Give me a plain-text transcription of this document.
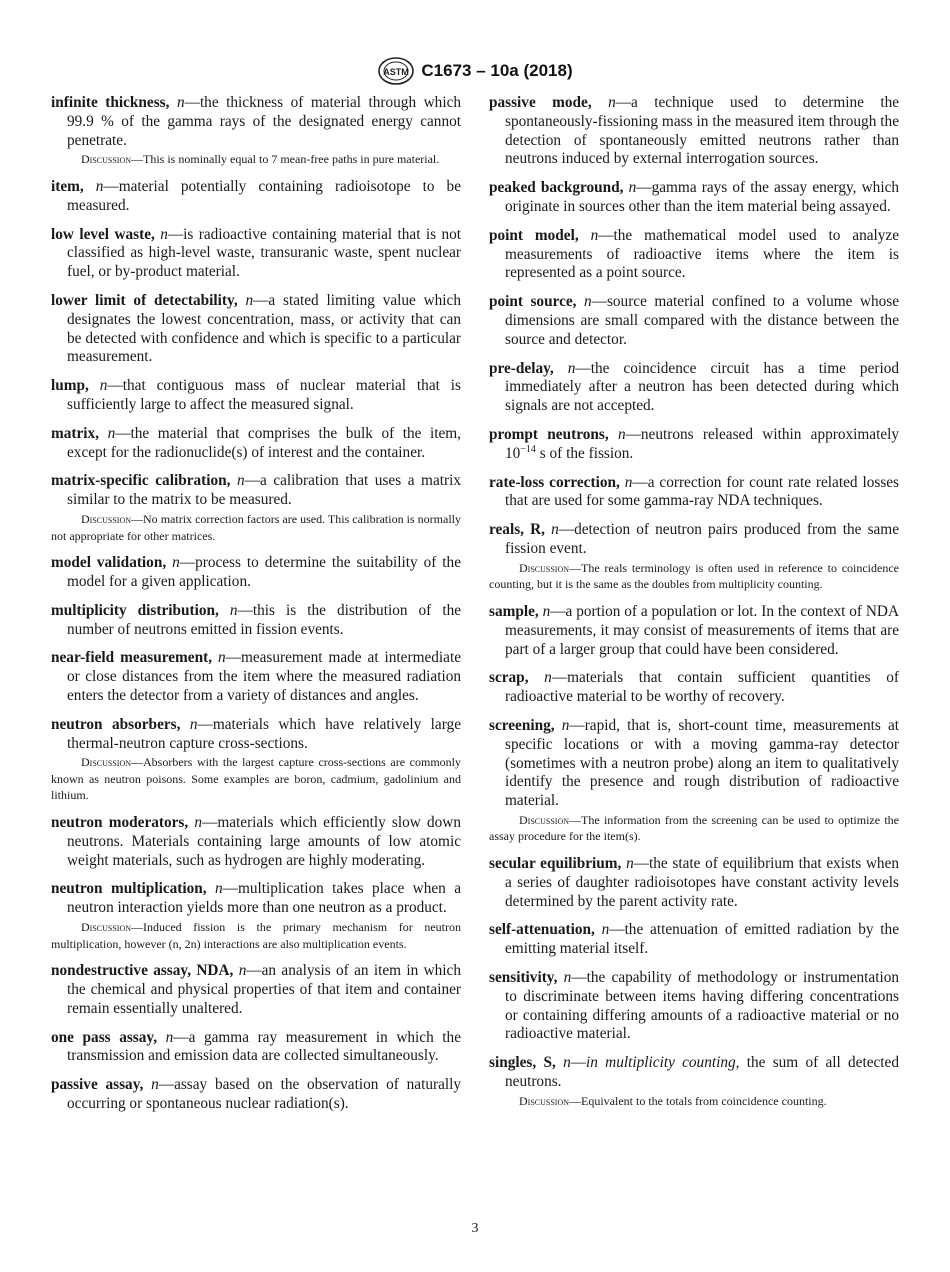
ASTM C1673 – 10a (2018)
infinite thickness, n—the thickness of material through which 99.9 % of the gamma rays of the designated energy cannot penetrate.
Discussion—This is nominally equal to 7 mean-free paths in pure material.
item, n—material potentially containing radioisotope to be measured.
low level waste, n—is radioactive containing material that is not classified as high-level waste, transuranic waste, spent nuclear fuel, or by-product material.
lower limit of detectability, n—a stated limiting value which designates the lowest concentration, mass, or activity that can be detected with confidence and which is specific to a particular measurement.
lump, n—that contiguous mass of nuclear material that is sufficiently large to affect the measured signal.
matrix, n—the material that comprises the bulk of the item, except for the radionuclide(s) of interest and the container.
matrix-specific calibration, n—a calibration that uses a matrix similar to the matrix to be measured.
Discussion—No matrix correction factors are used. This calibration is normally not appropriate for other matrices.
model validation, n—process to determine the suitability of the model for a given application.
multiplicity distribution, n—this is the distribution of the number of neutrons emitted in fission events.
near-field measurement, n—measurement made at intermediate or close distances from the item where the measured radiation enters the detector from a variety of distances and angles.
neutron absorbers, n—materials which have relatively large thermal-neutron capture cross-sections.
Discussion—Absorbers with the largest capture cross-sections are commonly known as neutron poisons. Some examples are boron, cadmium, gadolinium and lithium.
neutron moderators, n—materials which efficiently slow down neutrons. Materials containing large amounts of low atomic weight materials, such as hydrogen are highly moderating.
neutron multiplication, n—multiplication takes place when a neutron interaction yields more than one neutron as a product.
Discussion—Induced fission is the primary mechanism for neutron multiplication, however (n, 2n) interactions are also multiplication events.
nondestructive assay, NDA, n—an analysis of an item in which the chemical and physical properties of that item and container remain essentially unaltered.
one pass assay, n—a gamma ray measurement in which the transmission and emission data are collected simultaneously.
passive assay, n—assay based on the observation of naturally occurring or spontaneous nuclear radiation(s).
passive mode, n—a technique used to determine the spontaneously-fissioning mass in the measured item through the detection of spontaneously emitted neutrons rather than neutrons induced by external interrogation sources.
peaked background, n—gamma rays of the assay energy, which originate in sources other than the item material being assayed.
point model, n—the mathematical model used to analyze measurements of radioactive items where the item is represented as a point source.
point source, n—source material confined to a volume whose dimensions are small compared with the distance between the source and detector.
pre-delay, n—the coincidence circuit has a time period immediately after a neutron has been detected during which signals are not accepted.
prompt neutrons, n—neutrons released within approximately $10^{-14}$ s of the fission.
rate-loss correction, n—a correction for count rate related losses that are used for some gamma-ray NDA techniques.
reals, R, n—detection of neutron pairs produced from the same fission event.
Discussion—The reals terminology is often used in reference to coincidence counting, but it is the same as the doubles from multiplicity counting.
sample, n—a portion of a population or lot. In the context of NDA measurements, it may consist of measurements of items that are part of a larger group that could have been considered.
scrap, n—materials that contain sufficient quantities of radioactive material to be worthy of recovery.
screening, n—rapid, that is, short-count time, measurements at specific locations or with a moving gamma-ray detector (sometimes with a neutron probe) along an item to qualitatively identify the presence and rough distribution of radioactive material.
Discussion—The information from the screening can be used to optimize the assay procedure for the item(s).
secular equilibrium, n—the state of equilibrium that exists when a series of daughter radioisotopes have constant activity levels determined by the parent activity rate.
self-attenuation, n—the attenuation of emitted radiation by the emitting material itself.
sensitivity, n—the capability of methodology or instrumentation to discriminate between items having differing concentrations or containing differing amounts of a radioactive material or no radioactive material.
singles, S, n—in multiplicity counting, the sum of all detected neutrons.
Discussion—Equivalent to the totals from coincidence counting.
3
